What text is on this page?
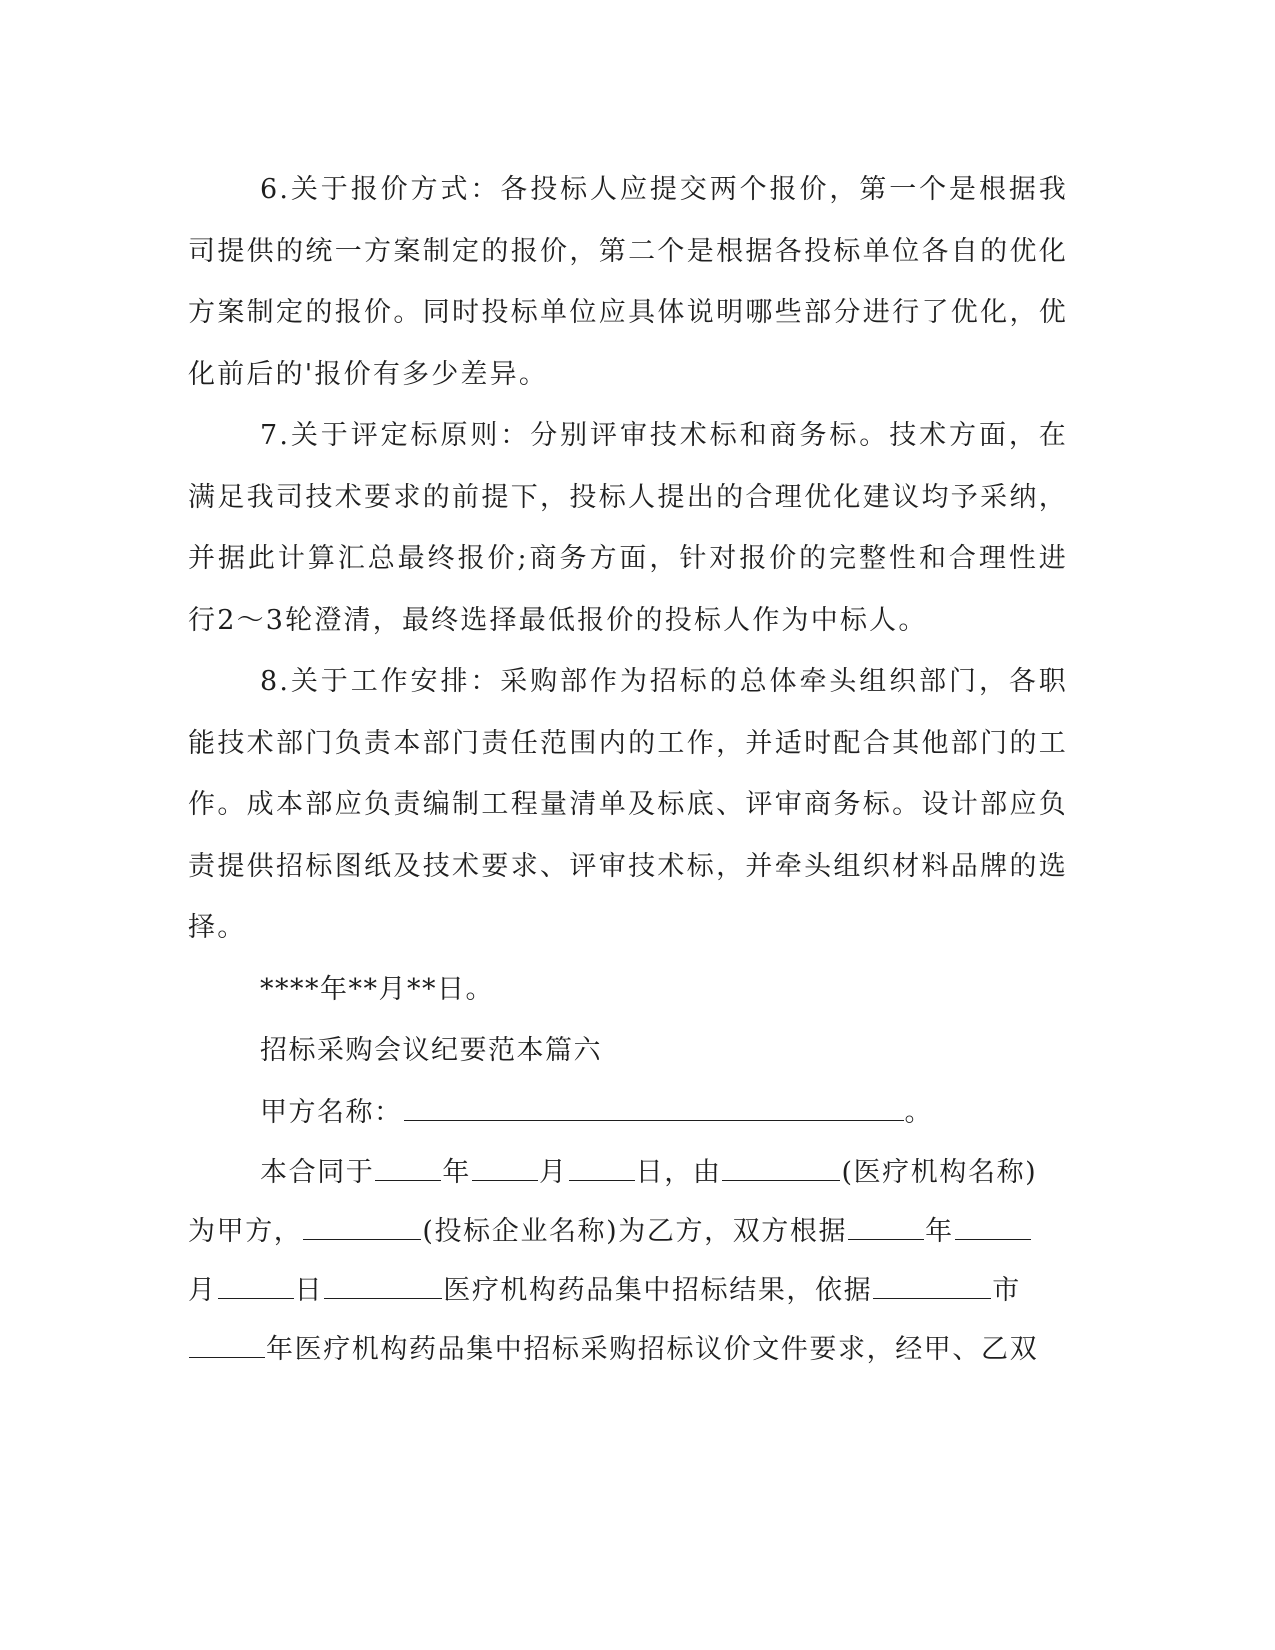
6.关于报价方式：各投标人应提交两个报价，第一个是根据我司提供的统一方案制定的报价，第二个是根据各投标单位各自的优化方案制定的报价。同时投标单位应具体说明哪些部分进行了优化，优化前后的'报价有多少差异。

7.关于评定标原则：分别评审技术标和商务标。技术方面，在满足我司技术要求的前提下，投标人提出的合理优化建议均予采纳，并据此计算汇总最终报价;商务方面，针对报价的完整性和合理性进行2～3轮澄清，最终选择最低报价的投标人作为中标人。

8.关于工作安排：采购部作为招标的总体牵头组织部门，各职能技术部门负责本部门责任范围内的工作，并适时配合其他部门的工作。成本部应负责编制工程量清单及标底、评审商务标。设计部应负责提供招标图纸及技术要求、评审技术标，并牵头组织材料品牌的选择。

****年**月**日。

招标采购会议纪要范本篇六

甲方名称：	。

本合同于	年	月	日，由	(医疗机构名称)
为甲方，	(投标企业名称)为乙方，双方根据	年
月	日	医疗机构药品集中招标结果，依据	市
年医疗机构药品集中招标采购招标议价文件要求，经甲、乙双
